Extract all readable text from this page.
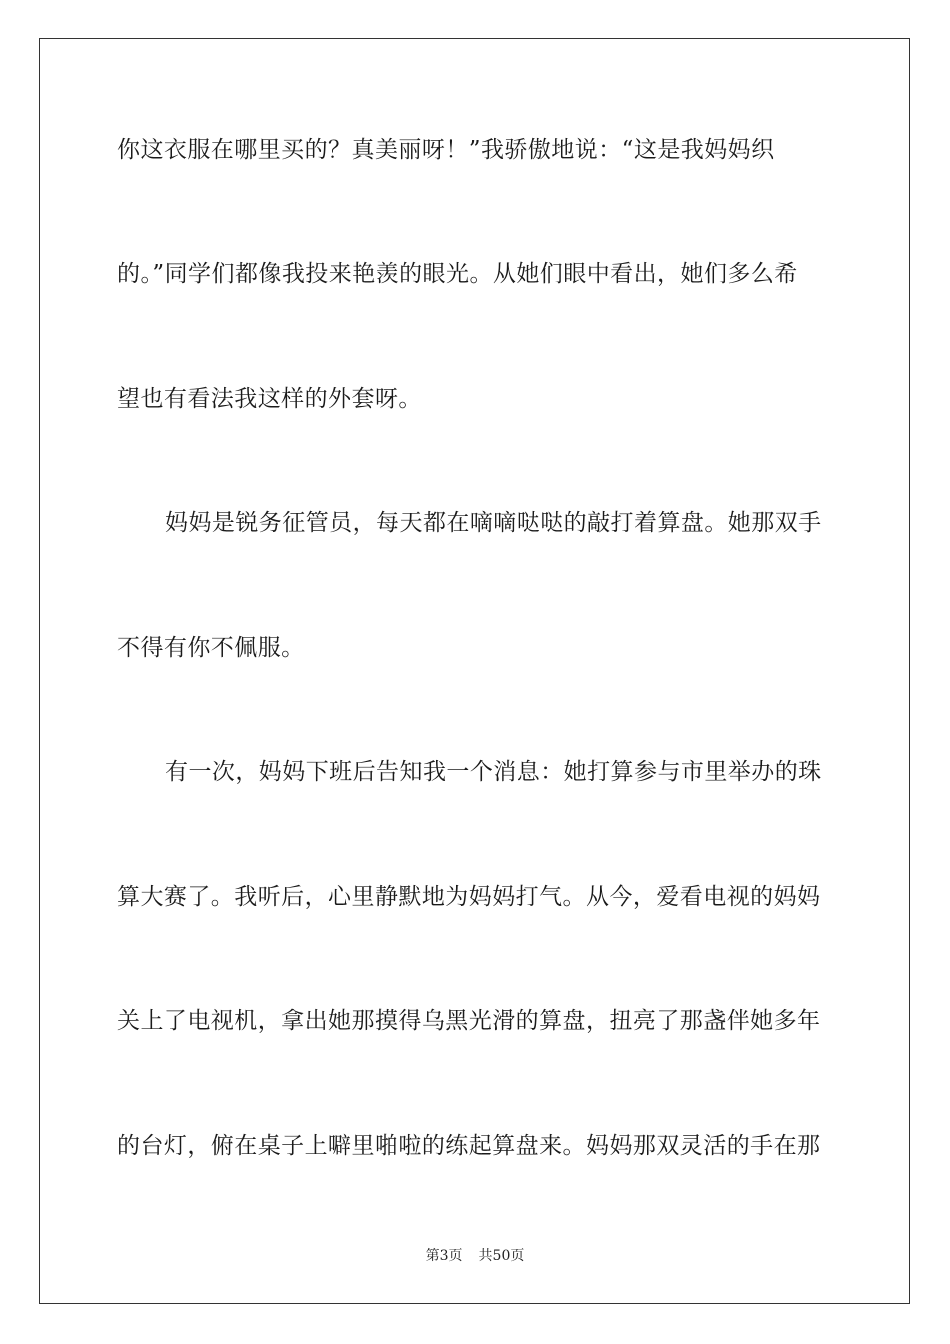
你这衣服在哪里买的？真美丽呀！”我骄傲地说：“这是我妈妈织
的。”同学们都像我投来艳羡的眼光。从她们眼中看出，她们多么希
望也有看法我这样的外套呀。
妈妈是锐务征管员，每天都在嘀嘀哒哒的敲打着算盘。她那双手
不得有你不佩服。
有一次，妈妈下班后告知我一个消息：她打算参与市里举办的珠
算大赛了。我听后，心里静默地为妈妈打气。从今，爱看电视的妈妈
关上了电视机，拿出她那摸得乌黑光滑的算盘，扭亮了那盏伴她多年
的台灯，俯在桌子上噼里啪啦的练起算盘来。妈妈那双灵活的手在那
第3页 共50页
